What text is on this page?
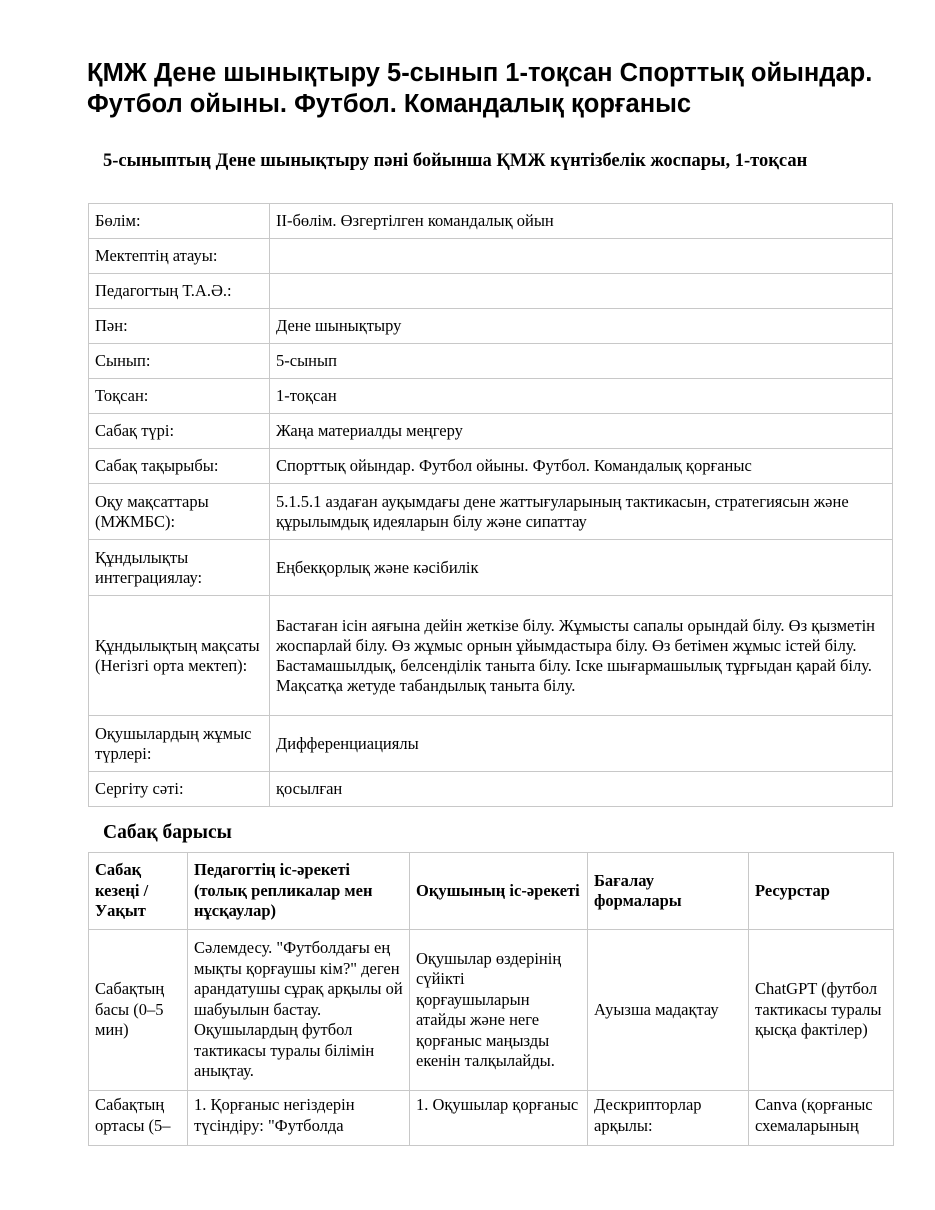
ҚМЖ Дене шынықтыру 5-сынып 1-тоқсан Спорттық ойындар. Футбол ойыны. Футбол. Командалық қорғаныс
5-сыныптың Дене шынықтыру пәні бойынша ҚМЖ күнтізбелік жоспары, 1-тоқсан
Бөлім:	ІІ-бөлім. Өзгертілген командалық ойын
Мектептің атауы:	
Педагогтың Т.А.Ә.:	
Пән:	Дене шынықтыру
Сынып:	5-сынып
Тоқсан:	1-тоқсан
Сабақ түрі:	Жаңа материалды меңгеру
Сабақ тақырыбы:	Спорттық ойындар. Футбол ойыны. Футбол. Командалық қорғаныс
Оқу мақсаттары (МЖМБС):	5.1.5.1 аздаған ауқымдағы дене жаттығуларының тактикасын, стратегиясын және құрылымдық идеяларын білу және сипаттау
Құндылықты интеграциялау:	Еңбекқорлық және кәсібилік
Құндылықтың мақсаты (Негізгі орта мектеп):	Бастаған ісін аяғына дейін жеткізе білу. Жұмысты сапалы орындай білу. Өз қызметін жоспарлай білу. Өз жұмыс орнын ұйымдастыра білу. Өз бетімен жұмыс істей білу. Бастамашылдық, белсенділік таныта білу. Іске шығармашылық тұрғыдан қарай білу. Мақсатқа жетуде табандылық таныта білу.
Оқушылардың жұмыс түрлері:	Дифференциациялы
Сергіту сәті:	қосылған
Сабақ барысы
Сабақ кезеңі / Уақыт	Педагогтің іс-әрекеті (толық репликалар мен нұсқаулар)	Оқушының іс-әрекеті	Бағалау формалары	Ресурстар
Сабақтың басы (0–5 мин)	Сәлемдесу. "Футболдағы ең мықты қорғаушы кім?" деген арандатушы сұрақ арқылы ой шабуылын бастау. Оқушылардың футбол тактикасы туралы білімін анықтау.	Оқушылар өздерінің сүйікті қорғаушыларын атайды және неге қорғаныс маңызды екенін талқылайды.	Ауызша мадақтау	ChatGPT (футбол тактикасы туралы қысқа фактілер)
Сабақтың ортасы (5–	1. Қорғаныс негіздерін түсіндіру: "Футболда	1. Оқушылар қорғаныс	Дескрипторлар арқылы:	Canva (қорғаныс схемаларының
